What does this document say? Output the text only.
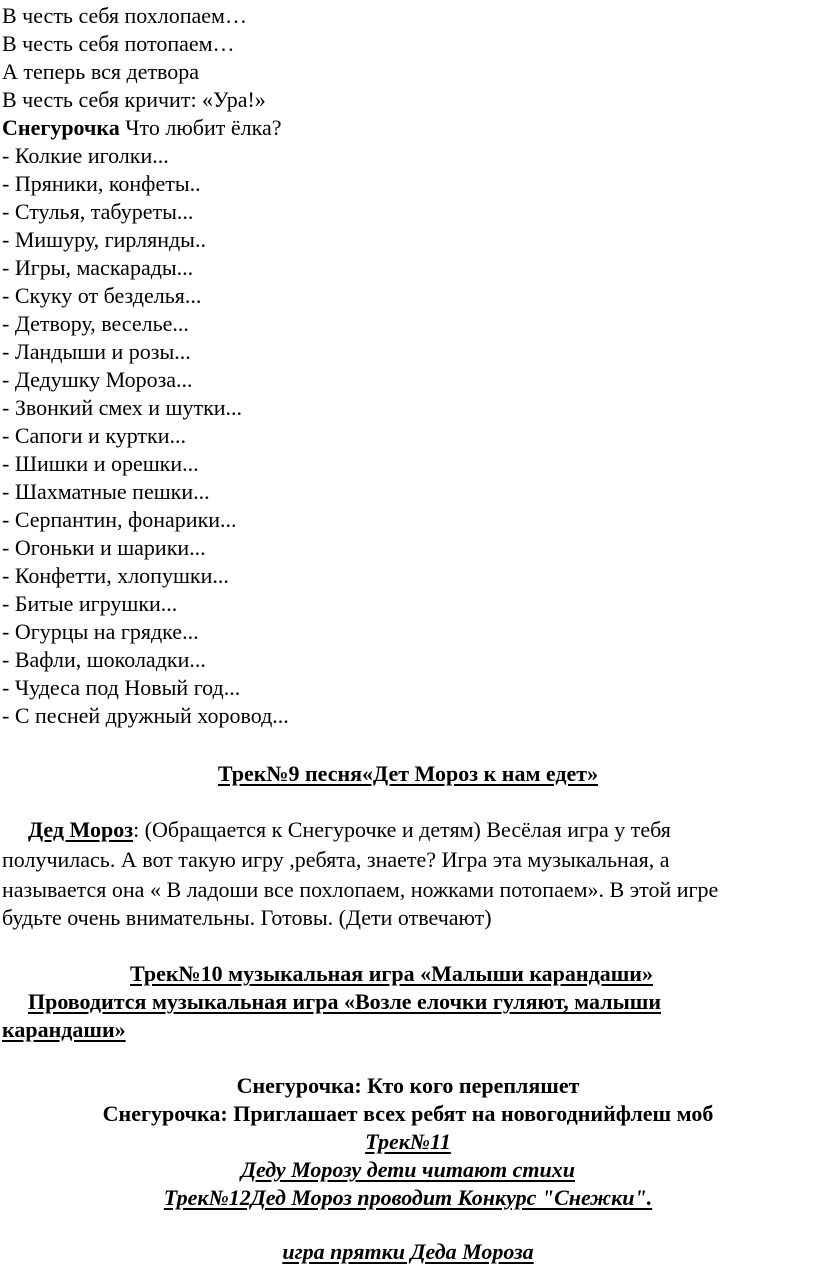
В честь себя похлопаем…
В честь себя потопаем…
А теперь вся детвора
В честь себя кричит: «Ура!»
Снегурочка Что любит ёлка?
- Колкие иголки...
- Пряники, конфеты..
- Стулья, табуреты...
- Мишуру, гирлянды..
- Игры, маскарады...
- Скуку от безделья...
- Детвору, веселье...
- Ландыши и розы...
- Дедушку Мороза...
- Звонкий смех и шутки...
- Сапоги и куртки...
- Шишки и орешки...
- Шахматные пешки...
- Серпантин, фонарики...
- Огоньки и шарики...
- Конфетти, хлопушки...
- Битые игрушки...
- Огурцы на грядке...
- Вафли, шоколадки...
- Чудеса под Новый год...
- С песней дружный хоровод...
Трек№9 песня«Дет Мороз к нам едет»
Дед Мороз: (Обращается к Снегурочке и детям) Весёлая игра у тебя
получилась. А вот такую игру ,ребята, знаете? Игра эта музыкальная, а
называется она « В ладоши все похлопаем, ножками потопаем». В этой игре
будьте очень внимательны. Готовы. (Дети отвечают)
Трек№10 музыкальная игра «Малыши карандаши»
Проводится музыкальная игра «Возле елочки гуляют, малыши
карандаши»
Снегурочка: Кто кого перепляшет
Снегурочка: Приглашает всех ребят на новогоднийфлеш моб
Трек№11
Деду Морозу дети читают стихи
Трек№12Дед Мороз проводит Конкурс "Снежки".
игра прятки Деда Мороза
